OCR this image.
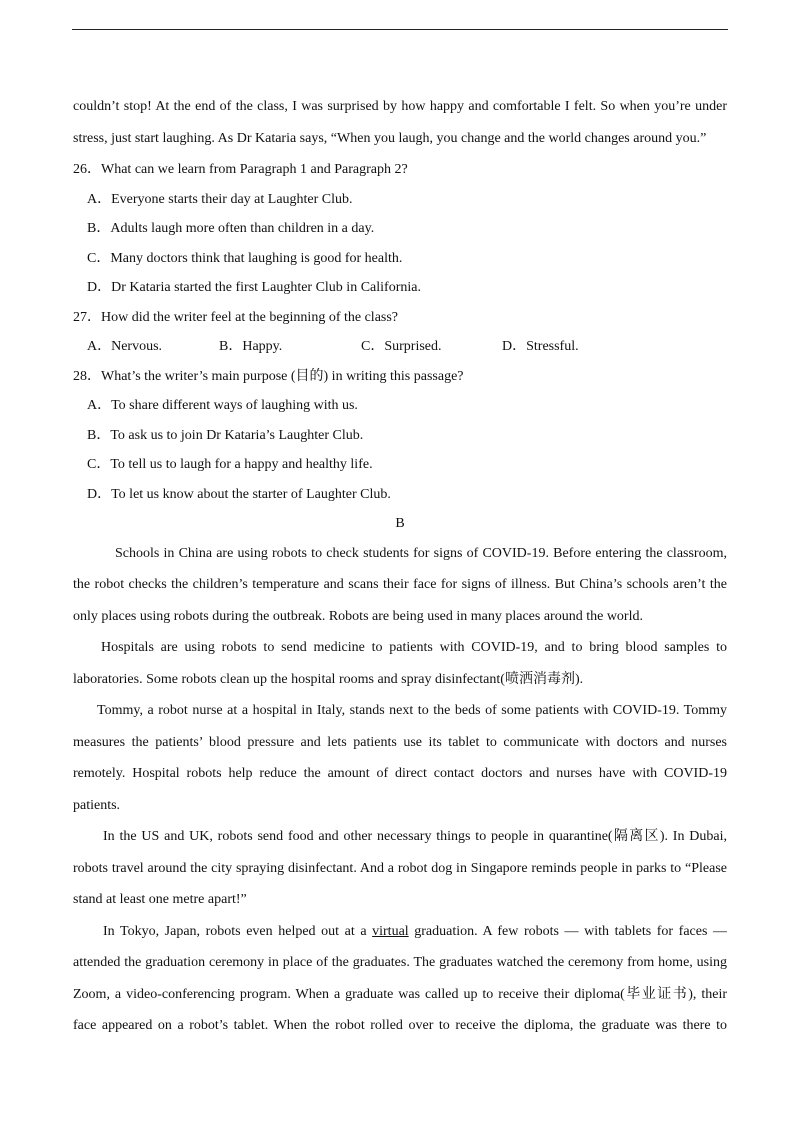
couldn’t stop! At the end of the class, I was surprised by how happy and comfortable I felt. So when you’re under
stress, just start laughing. As Dr Kataria says, “When you laugh, you change and the world changes around you.”
26．What can we learn from Paragraph 1 and Paragraph 2?
A．Everyone starts their day at Laughter Club.
B．Adults laugh more often than children in a day.
C．Many doctors think that laughing is good for health.
D．Dr Kataria started the first Laughter Club in California.
27．How did the writer feel at the beginning of the class?
A．Nervous.	B．Happy.	C．Surprised.	D．Stressful.
28．What’s the writer’s main purpose (目的) in writing this passage?
A．To share different ways of laughing with us.
B．To ask us to join Dr Kataria’s Laughter Club.
C．To tell us to laugh for a happy and healthy life.
D．To let us know about the starter of Laughter Club.
B
Schools in China are using robots to check students for signs of COVID-19. Before entering the classroom,
the robot checks the children’s temperature and scans their face for signs of illness. But China’s schools aren’t the
only places using robots during the outbreak. Robots are being used in many places around the world.
Hospitals are using robots to send medicine to patients with COVID-19, and to bring blood samples to
laboratories. Some robots clean up the hospital rooms and spray disinfectant(喷洒消毒剂).
Tommy, a robot nurse at a hospital in Italy, stands next to the beds of some patients with COVID-19. Tommy
measures the patients’ blood pressure and lets patients use its tablet to communicate with doctors and nurses
remotely. Hospital robots help reduce the amount of direct contact doctors and nurses have with COVID-19
patients.
In the US and UK, robots send food and other necessary things to people in quarantine(隔离区). In Dubai,
robots travel around the city spraying disinfectant. And a robot dog in Singapore reminds people in parks to “Please
stand at least one metre apart!”
In Tokyo, Japan, robots even helped out at a virtual graduation. A few robots — with tablets for faces —
attended the graduation ceremony in place of the graduates. The graduates watched the ceremony from home, using
Zoom, a video-conferencing program. When a graduate was called up to receive their diploma(毕业证书), their
face appeared on a robot’s tablet. When the robot rolled over to receive the diploma, the graduate was there to
